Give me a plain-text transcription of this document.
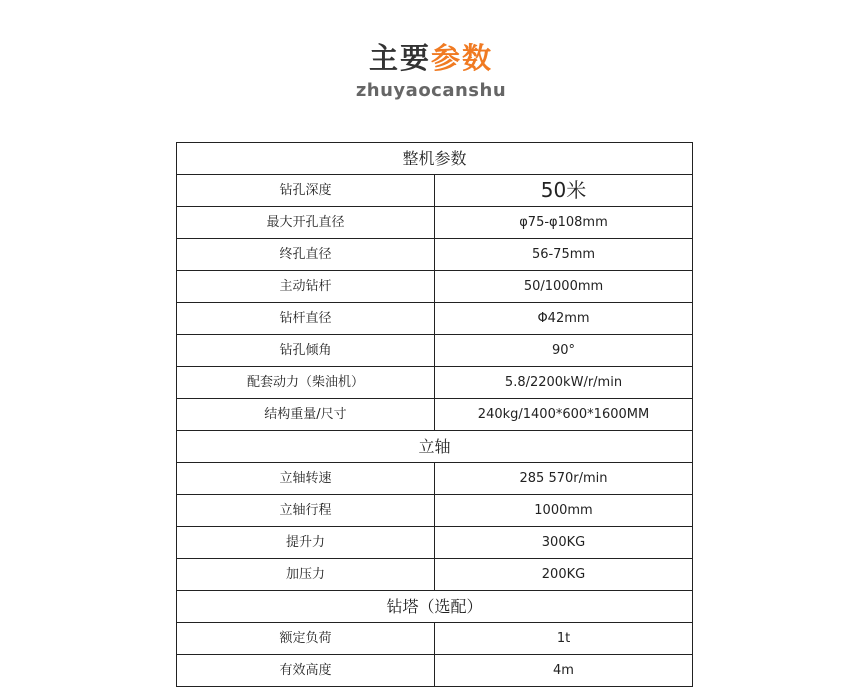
主要参数
zhuyaocanshu
整机参数	
钻孔深度	50米
最大开孔直径	φ75-φ108mm
终孔直径	56-75mm
主动钻杆	50/1000mm
钻杆直径	Φ42mm
钻孔倾角	90°
配套动力（柴油机）	5.8/2200kW/r/min
结构重量/尺寸	240kg/1400*600*1600MM
立轴	
立轴转速	285 570r/min
立轴行程	1000mm
提升力	300KG
加压力	200KG
钻塔（选配）	
额定负荷	1t
有效高度	4m
